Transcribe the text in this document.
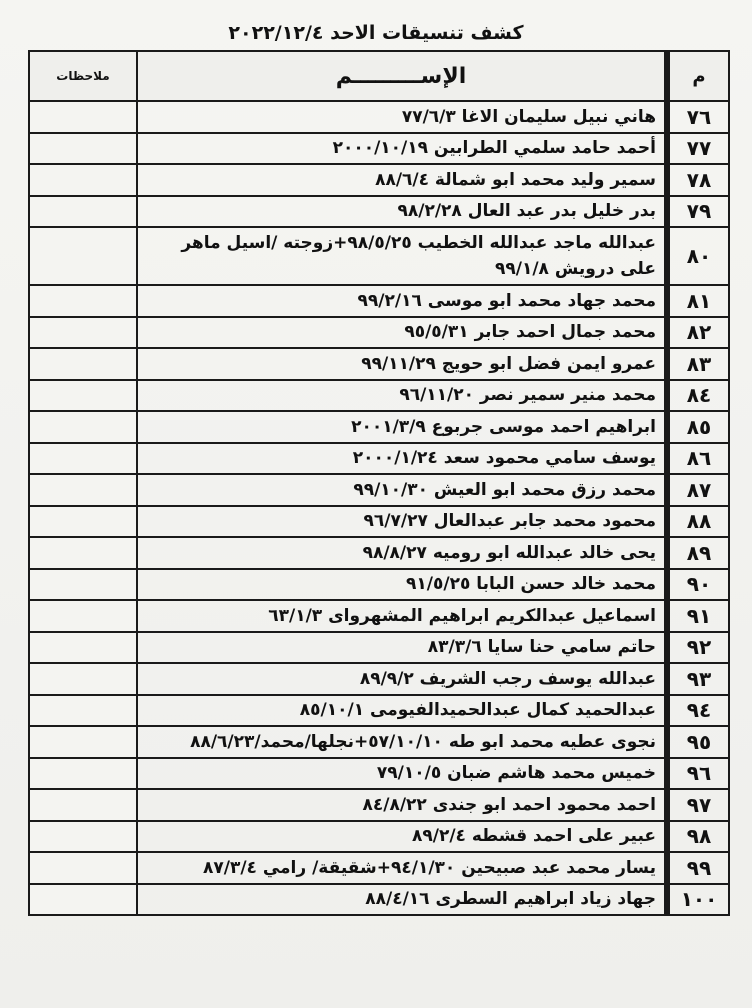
كشف تنسيقات الاحد ٢٠٢٢/١٢/٤
م	الإســـــــــم	ملاحظات
٧٦	هاني نبيل سليمان الاغا ٧٧/٦/٣	
٧٧	أحمد حامد سلمي الطرابين ٢٠٠٠/١٠/١٩	
٧٨	سمير وليد محمد ابو شمالة ٨٨/٦/٤	
٧٩	بدر خليل بدر عبد العال ٩٨/٢/٢٨	
٨٠	عبدالله ماجد عبدالله الخطيب ٩٨/٥/٢٥+زوجته /اسيل ماهر على درويش ٩٩/١/٨	
٨١	محمد جهاد محمد ابو موسى ٩٩/٢/١٦	
٨٢	محمد جمال احمد جابر ٩٥/٥/٣١	
٨٣	عمرو ايمن فضل ابو حويج ٩٩/١١/٢٩	
٨٤	محمد منير سمير نصر ٩٦/١١/٢٠	
٨٥	ابراهيم احمد موسى جربوع ٢٠٠١/٣/٩	
٨٦	يوسف سامي محمود سعد ٢٠٠٠/١/٢٤	
٨٧	محمد رزق محمد ابو العيش ٩٩/١٠/٣٠	
٨٨	محمود محمد جابر عبدالعال ٩٦/٧/٢٧	
٨٩	يحى خالد عبدالله ابو روميه ٩٨/٨/٢٧	
٩٠	محمد خالد حسن البابا ٩١/٥/٢٥	
٩١	اسماعيل عبدالكريم ابراهيم المشهروای ٦٣/١/٣	
٩٢	حاتم سامي حنا سايا ٨٣/٣/٦	
٩٣	عبدالله يوسف رجب الشريف ٨٩/٩/٢	
٩٤	عبدالحميد كمال عبدالحميدالفيومى ٨٥/١٠/١	
٩٥	نجوى عطيه محمد ابو طه ٥٧/١٠/١٠+نجلها/محمد/٨٨/٦/٢٣	
٩٦	خميس محمد هاشم ضبان ٧٩/١٠/٥	
٩٧	احمد محمود احمد ابو جندى ٨٤/٨/٢٢	
٩٨	عبير على احمد قشطه ٨٩/٢/٤	
٩٩	يسار محمد عبد صبيحين ٩٤/١/٣٠+شقيقة/ رامي ٨٧/٣/٤	
١٠٠	جهاد زياد ابراهيم السطرى ٨٨/٤/١٦	
